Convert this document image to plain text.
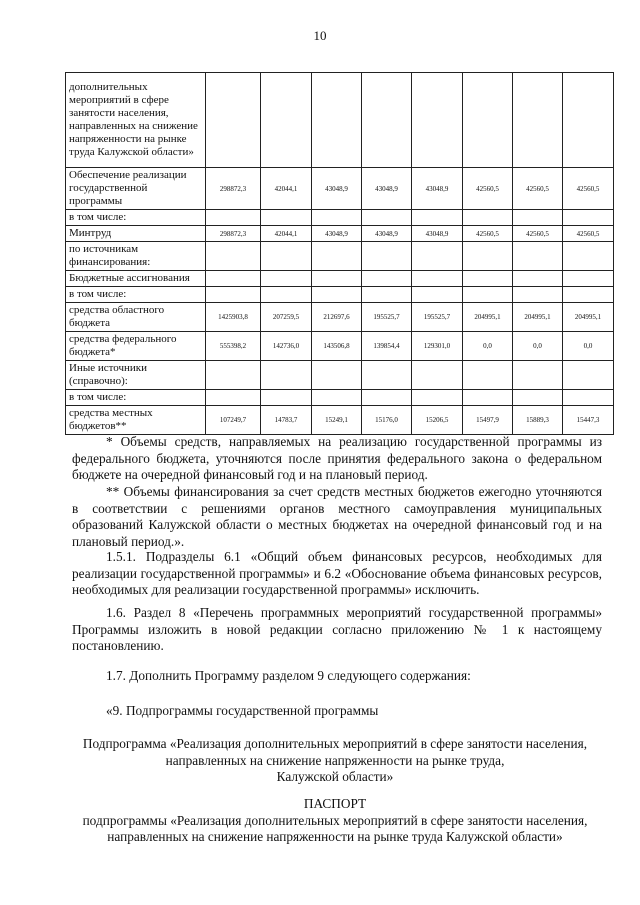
10
дополнительных мероприятий в сфере занятости населения, направленных на снижение напряженности на рынке труда Калужской области»								
Обеспечение реализации государственной программы	298872,3	42044,1	43048,9	43048,9	43048,9	42560,5	42560,5	42560,5
в том числе:								
Минтруд	298872,3	42044,1	43048,9	43048,9	43048,9	42560,5	42560,5	42560,5
по источникам финансирования:								
Бюджетные ассигнования								
в том числе:								
средства областного бюджета	1425903,8	207259,5	212697,6	195525,7	195525,7	204995,1	204995,1	204995,1
средства федерального бюджета*	555398,2	142736,0	143506,8	139854,4	129301,0	0,0	0,0	0,0
Иные источники (справочно):								
в том числе:								
средства местных бюджетов**	107249,7	14783,7	15249,1	15176,0	15206,5	15497,9	15889,3	15447,3

* Объемы средств, направляемых на реализацию государственной программы из федерального бюджета, уточняются после принятия федерального закона о федеральном бюджете на очередной финансовый год и на плановый период.

** Объемы финансирования за счет средств местных бюджетов ежегодно уточняются в соответствии с решениями органов местного самоуправления муниципальных образований Калужской области о местных бюджетах на очередной финансовый год и на плановый период.».

1.5.1. Подразделы 6.1 «Общий объем финансовых ресурсов, необходимых для реализации государственной программы» и 6.2 «Обоснование объема финансовых ресурсов, необходимых для реализации государственной программы» исключить.

1.6. Раздел 8 «Перечень программных мероприятий государственной программы» Программы изложить в новой редакции согласно приложению № 1 к настоящему постановлению.

1.7. Дополнить Программу разделом 9 следующего содержания:

«9. Подпрограммы государственной программы

Подпрограмма «Реализация дополнительных мероприятий в сфере занятости населения,

направленных на снижение напряженности на рынке труда,

Калужской области»

ПАСПОРТ

подпрограммы «Реализация дополнительных мероприятий в сфере занятости населения,

направленных на снижение напряженности на рынке труда Калужской области»
